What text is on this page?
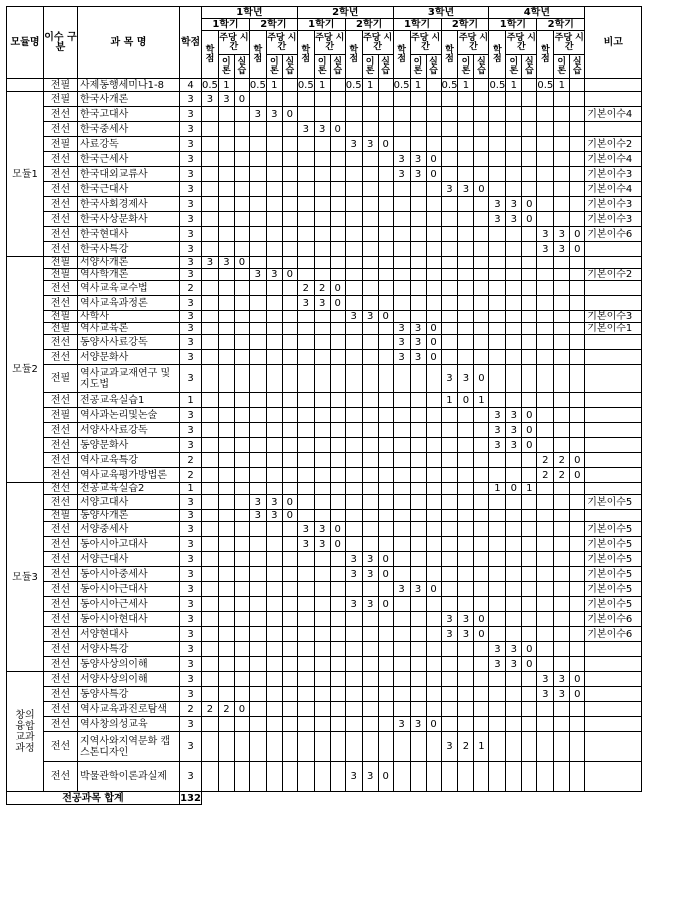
모듈명	이수 구분	과 목 명	학점	1학년						2학년						3학년						4학년						비고
				1학기			2학기			1학기			2학기			1학기			2학기			1학기			2학기			
				학점	주당 시간		학점	주당 시간		학점	주당 시간		학점	주당 시간		학점	주당 시간		학점	주당 시간		학점	주당 시간		학점	주당 시간		
					이론	실습		이론	실습		이론	실습		이론	실습		이론	실습		이론	실습		이론	실습		이론	실습	
	전필	사제동행세미나1-8	4	0.5	1		0.5	1		0.5	1		0.5	1		0.5	1		0.5	1		0.5	1		0.5	1		
모듈1	전필	한국사개론	3	3	3	0																						
	전선	한국고대사	3				3	3	0																			기본이수4
	전선	한국중세사	3							3	3	0																
	전필	사료강독	3										3	3	0													기본이수2
	전선	한국근세사	3													3	3	0										기본이수4
	전선	한국대외교류사	3													3	3	0										기본이수3
	전선	한국근대사	3																3	3	0							기본이수4
	전선	한국사회경제사	3																			3	3	0				기본이수3
	전선	한국사상문화사	3																			3	3	0				기본이수3
	전선	한국현대사	3																						3	3	0	기본이수6
	전선	한국사특강	3																						3	3	0	
모듈2	전필	서양사개론	3	3	3	0																						
	전필	역사학개론	3				3	3	0																			기본이수2
	전선	역사교육교수법	2							2	2	0																
	전선	역사교육과정론	3							3	3	0																
	전필	사학사	3										3	3	0													기본이수3
	전필	역사교육론	3													3	3	0										기본이수1
	전선	동양사사료강독	3													3	3	0										
	전선	서양문화사	3													3	3	0										
	전필	역사교과교재연구 및지도법	3																3	3	0							
	전선	전공교육실습1	1																1	0	1							
	전필	역사과논리및논술	3																			3	3	0				
	전선	서양사사료강독	3																			3	3	0				
	전선	동양문화사	3																			3	3	0				
	전선	역사교육특강	2																						2	2	0	
	전선	역사교육평가방법론	2																						2	2	0	
모듈3	전선	전공교육실습2	1																			1	0	1				
	전선	서양고대사	3				3	3	0																			기본이수5
	전필	동양사개론	3				3	3	0																			
	전선	서양중세사	3							3	3	0																기본이수5
	전선	동아시아고대사	3							3	3	0																기본이수5
	전선	서양근대사	3										3	3	0													기본이수5
	전선	동아시아중세사	3										3	3	0													기본이수5
	전선	동아시아근대사	3													3	3	0										기본이수5
	전선	동아시아근세사	3										3	3	0													기본이수5
	전선	동아시아현대사	3																3	3	0							기본이수6
	전선	서양현대사	3																3	3	0							기본이수6
	전선	서양사특강	3																			3	3	0				
	전선	동양사상의이해	3																			3	3	0				
창의 융합 교과 과정	전선	서양사상의이해	3																						3	3	0	
	전선	동양사특강	3																						3	3	0	
	전선	역사교육과진로탐색	2	2	2	0																						
	전선	역사창의성교육	3													3	3	0										
	전선	지역사와지역문화 캡스톤디자인	3																3	2	1							
	전선	박물관학이론과실제	3										3	3	0													
전공과목 합계			132																									
